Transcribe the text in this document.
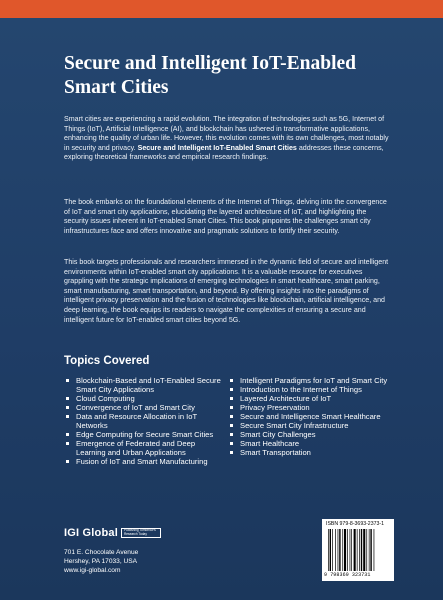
Secure and Intelligent IoT-Enabled Smart Cities

Smart cities are experiencing a rapid evolution. The integration of technologies such as 5G, Internet of Things (IoT), Artificial Intelligence (AI), and blockchain has ushered in transformative applications, enhancing the quality of urban life. However, this evolution comes with its own challenges, most notably in security and privacy. Secure and Intelligent IoT-Enabled Smart Cities addresses these concerns, exploring theoretical frameworks and empirical research findings.

The book embarks on the foundational elements of the Internet of Things, delving into the convergence of IoT and smart city applications, elucidating the layered architecture of IoT, and highlighting the security issues inherent in IoT-enabled Smart Cities. This book pinpoints the challenges smart city infrastructures face and offers innovative and pragmatic solutions to fortify their security.

This book targets professionals and researchers immersed in the dynamic field of secure and intelligent environments within IoT-enabled smart city applications. It is a valuable resource for executives grappling with the strategic implications of emerging technologies in smart healthcare, smart parking, smart manufacturing, smart transportation, and beyond. By offering insights into the paradigms of intelligent privacy preservation and the fusion of technologies like blockchain, artificial intelligence, and deep learning, the book equips its readers to navigate the complexities of ensuring a secure and intelligent future for IoT-enabled smart cities beyond 5G.

Topics Covered
Blockchain-Based and IoT-Enabled Secure Smart City Applications
Cloud Computing
Convergence of IoT and Smart City
Data and Resource Allocation in IoT Networks
Edge Computing for Secure Smart Cities
Emergence of Federated and Deep Learning and Urban Applications
Fusion of IoT and Smart Manufacturing
Intelligent Paradigms for IoT and Smart City
Introduction to the Internet of Things
Layered Architecture of IoT
Privacy Preservation
Secure and Intelligence Smart Healthcare
Secure Smart City Infrastructure
Smart City Challenges
Smart Healthcare
Smart Transportation
IGI Global	Publishing Tomorrow's Research Today
701 E. Chocolate Avenue
Hershey, PA 17033, USA
www.igi-global.com
ISBN 979-8-3693-2373-1
9 798369 323731
